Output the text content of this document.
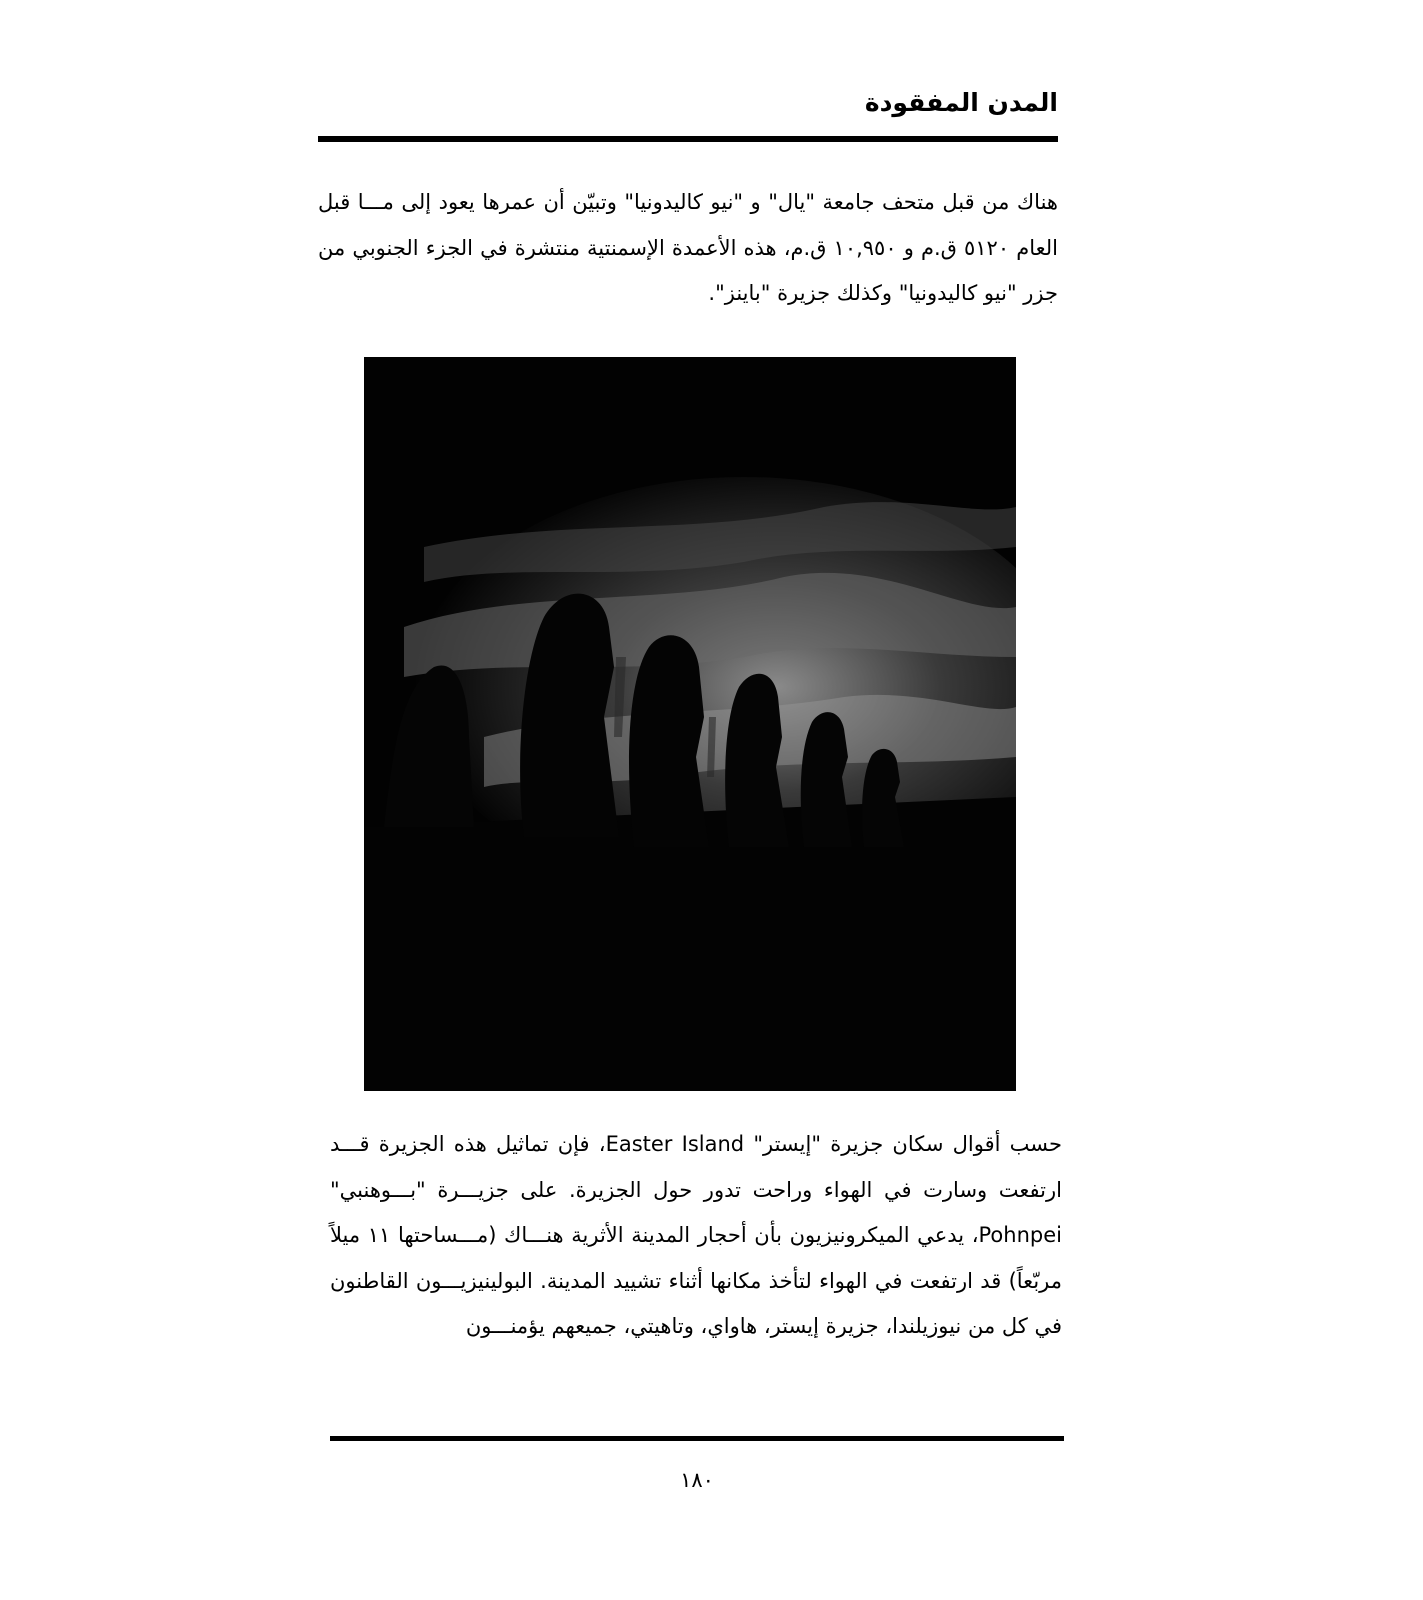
المدن المفقودة

هناك من قبل متحف جامعة "يال" و "نيو كاليدونيا" وتبيّن أن عمرها يعود إلى مـــا قبل العام ٥١٢٠ ق.م و ١٠,٩٥٠ ق.م، هذه الأعمدة الإسمنتية منتشرة في الجزء الجنوبي من جزر "نيو كاليدونيا" وكذلك جزيرة "باينز".

حسب أقوال سكان جزيرة "إيستر" Easter Island، فإن تماثيل هذه الجزيرة قـــد ارتفعت وسارت في الهواء وراحت تدور حول الجزيرة. على جزيـــرة "بـــوهنبي" Pohnpei، يدعي الميكرونيزيون بأن أحجار المدينة الأثرية هنـــاك (مـــساحتها ١١ ميلاً مربّعاً) قد ارتفعت في الهواء لتأخذ مكانها أثناء تشييد المدينة. البولينيزيـــون القاطنون في كل من نيوزيلندا، جزيرة إيستر، هاواي، وتاهيتي، جميعهم يؤمنـــون

١٨٠
